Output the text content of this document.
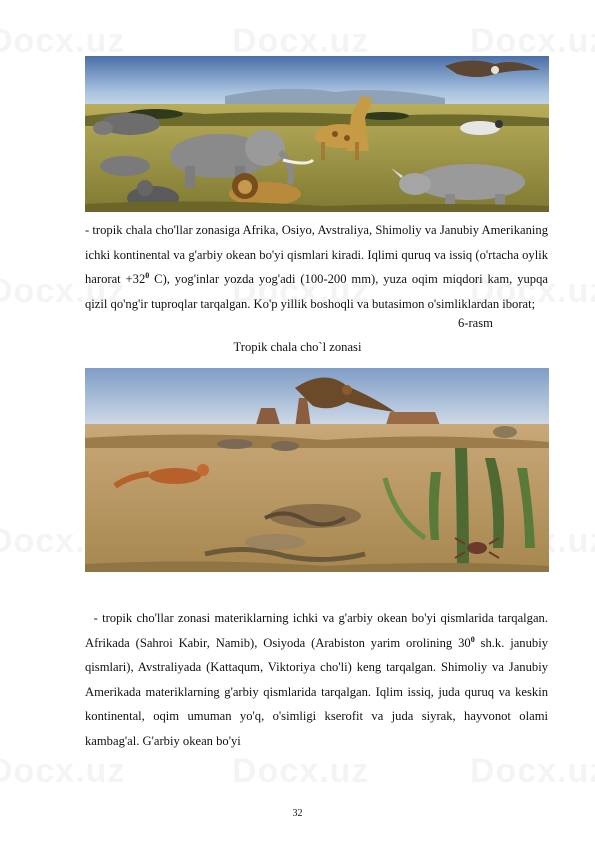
- tropik chala cho'llar zonasiga Afrika, Osiyo, Avstraliya, Shimoliy va Janubiy Amerikaning ichki kontinental va g'arbiy okean bo'yi qismlari kiradi. Iqlimi quruq va issiq (o'rtacha oylik harorat $+32^0$ C), yog'inlar yozda yog'adi (100-200 mm), yuza oqim miqdori kam, yupqa qizil qo'ng'ir tuproqlar tarqalgan. Ko'p yillik boshoqli va butasimon o'simliklardan iborat;
6-rasm
Tropik chala cho`l zonasi
- tropik cho'llar zonasi materiklarning ichki va g'arbiy okean bo'yi qismlarida tarqalgan. Afrikada (Sahroi Kabir, Namib), Osiyoda (Arabiston yarim orolining $30^0$ sh.k. janubiy qismlari), Avstraliyada (Kattaqum, Viktoriya cho'li) keng tarqalgan. Shimoliy va Janubiy Amerikada materiklarning g'arbiy qismlarida tarqalgan. Iqlim issiq, juda quruq va keskin kontinental, oqim umuman yo'q, o'simligi kserofit va juda siyrak, hayvonot olami kambag'al. G'arbiy okean bo'yi
32
